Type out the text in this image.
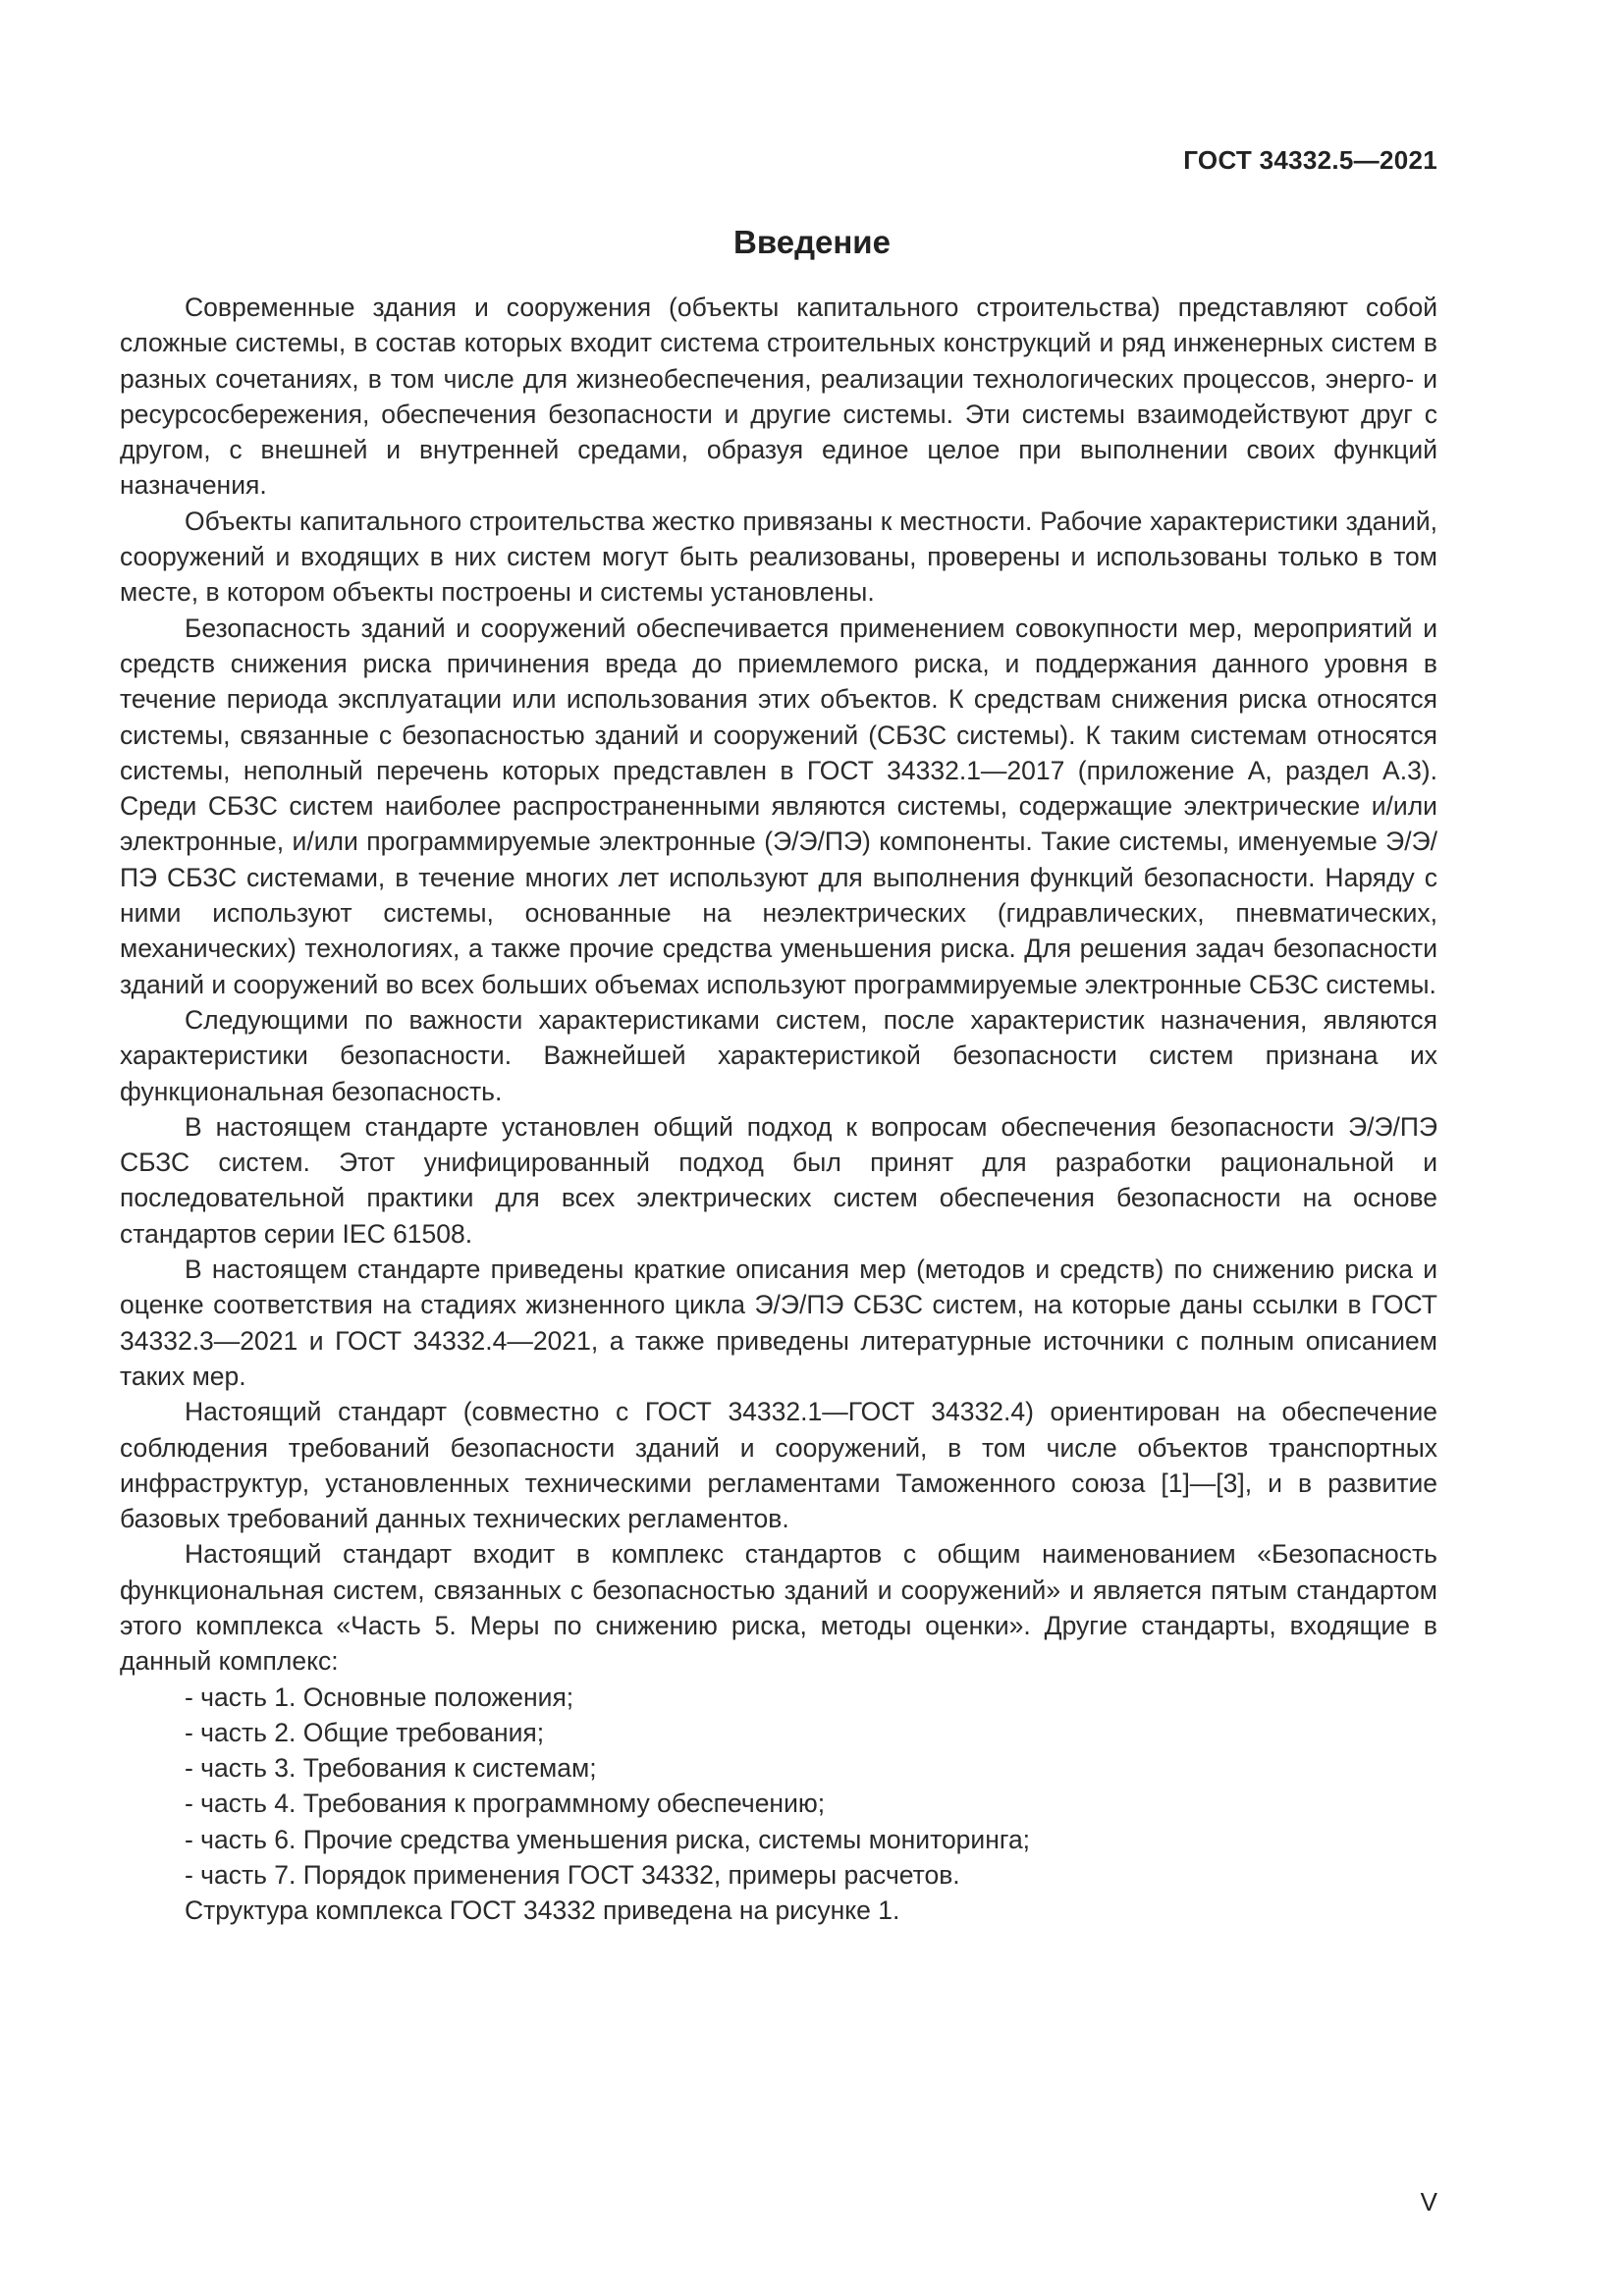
ГОСТ 34332.5—2021
Введение

Современные здания и сооружения (объекты капитального строительства) представляют собой сложные системы, в состав которых входит система строительных конструкций и ряд инженерных систем в разных сочетаниях, в том числе для жизнеобеспечения, реализации технологических процессов, энерго- и ресурсосбережения, обеспечения безопасности и другие системы. Эти системы взаимодействуют друг с другом, с внешней и внутренней средами, образуя единое целое при выполнении своих функций назначения.

Объекты капитального строительства жестко привязаны к местности. Рабочие характеристики зданий, сооружений и входящих в них систем могут быть реализованы, проверены и использованы только в том месте, в котором объекты построены и системы установлены.

Безопасность зданий и сооружений обеспечивается применением совокупности мер, мероприятий и средств снижения риска причинения вреда до приемлемого риска, и поддержания данного уровня в течение периода эксплуатации или использования этих объектов. К средствам снижения риска относятся системы, связанные с безопасностью зданий и сооружений (СБЗС системы). К таким системам относятся системы, неполный перечень которых представлен в ГОСТ 34332.1—2017 (приложение А, раздел А.3). Среди СБЗС систем наиболее распространенными являются системы, содержащие электрические и/или электронные, и/или программируемые электронные (Э/Э/ПЭ) компоненты. Такие системы, именуемые Э/Э/ПЭ СБЗС системами, в течение многих лет используют для выполнения функций безопасности. Наряду с ними используют системы, основанные на неэлектрических (гидравлических, пневматических, механических) технологиях, а также прочие средства уменьшения риска. Для решения задач безопасности зданий и сооружений во всех больших объемах используют программируемые электронные СБЗС системы.

Следующими по важности характеристиками систем, после характеристик назначения, являются характеристики безопасности. Важнейшей характеристикой безопасности систем признана их функциональная безопасность.

В настоящем стандарте установлен общий подход к вопросам обеспечения безопасности Э/Э/ПЭ СБЗС систем. Этот унифицированный подход был принят для разработки рациональной и последовательной практики для всех электрических систем обеспечения безопасности на основе стандартов серии IEC 61508.

В настоящем стандарте приведены краткие описания мер (методов и средств) по снижению риска и оценке соответствия на стадиях жизненного цикла Э/Э/ПЭ СБЗС систем, на которые даны ссылки в ГОСТ 34332.3—2021 и ГОСТ 34332.4—2021, а также приведены литературные источники с полным описанием таких мер.

Настоящий стандарт (совместно с ГОСТ 34332.1—ГОСТ 34332.4) ориентирован на обеспечение соблюдения требований безопасности зданий и сооружений, в том числе объектов транспортных инфраструктур, установленных техническими регламентами Таможенного союза [1]—[3], и в развитие базовых требований данных технических регламентов.

Настоящий стандарт входит в комплекс стандартов с общим наименованием «Безопасность функциональная систем, связанных с безопасностью зданий и сооружений» и является пятым стандартом этого комплекса «Часть 5. Меры по снижению риска, методы оценки». Другие стандарты, входящие в данный комплекс:

- часть 1. Основные положения;
- часть 2. Общие требования;
- часть 3. Требования к системам;
- часть 4. Требования к программному обеспечению;
- часть 6. Прочие средства уменьшения риска, системы мониторинга;
- часть 7. Порядок применения ГОСТ 34332, примеры расчетов.

Структура комплекса ГОСТ 34332 приведена на рисунке 1.

V
